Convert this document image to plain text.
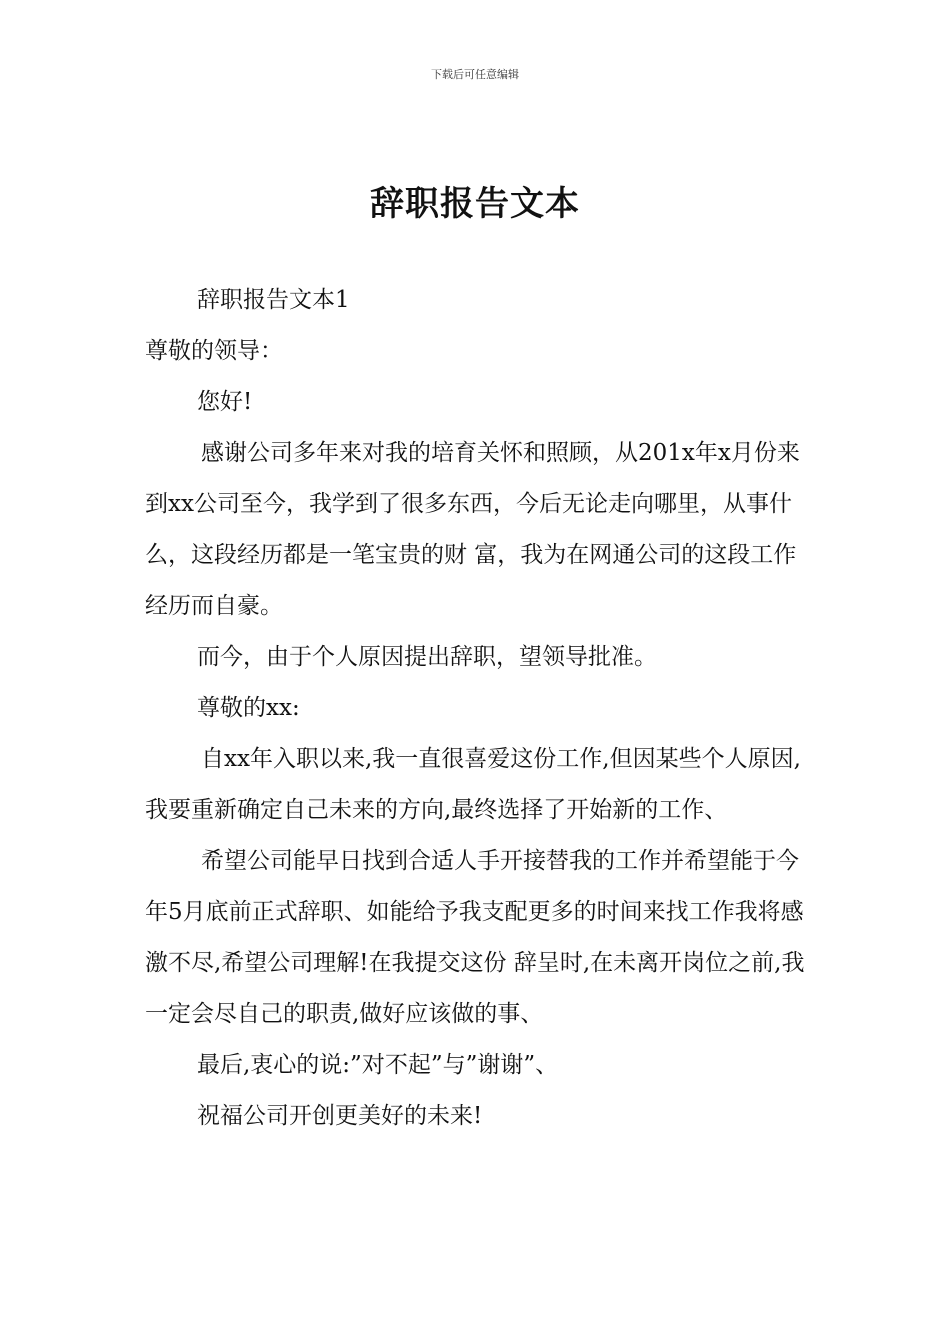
下载后可任意编辑
辞职报告文本

辞职报告文本1

尊敬的领导：

您好!

感谢公司多年来对我的培育关怀和照顾，从201x年x月份来到xx公司至今，我学到了很多东西，今后无论走向哪里，从事什么，这段经历都是一笔宝贵的财 富，我为在网通公司的这段工作经历而自豪。

而今，由于个人原因提出辞职，望领导批准。

尊敬的xx:

自xx年入职以来,我一直很喜爱这份工作,但因某些个人原因,我要重新确定自己未来的方向,最终选择了开始新的工作、

希望公司能早日找到合适人手开接替我的工作并希望能于今年5月底前正式辞职、如能给予我支配更多的时间来找工作我将感激不尽,希望公司理解!在我提交这份 辞呈时,在未离开岗位之前,我一定会尽自己的职责,做好应该做的事、

最后,衷心的说:”对不起”与”谢谢”、

祝福公司开创更美好的未来!
